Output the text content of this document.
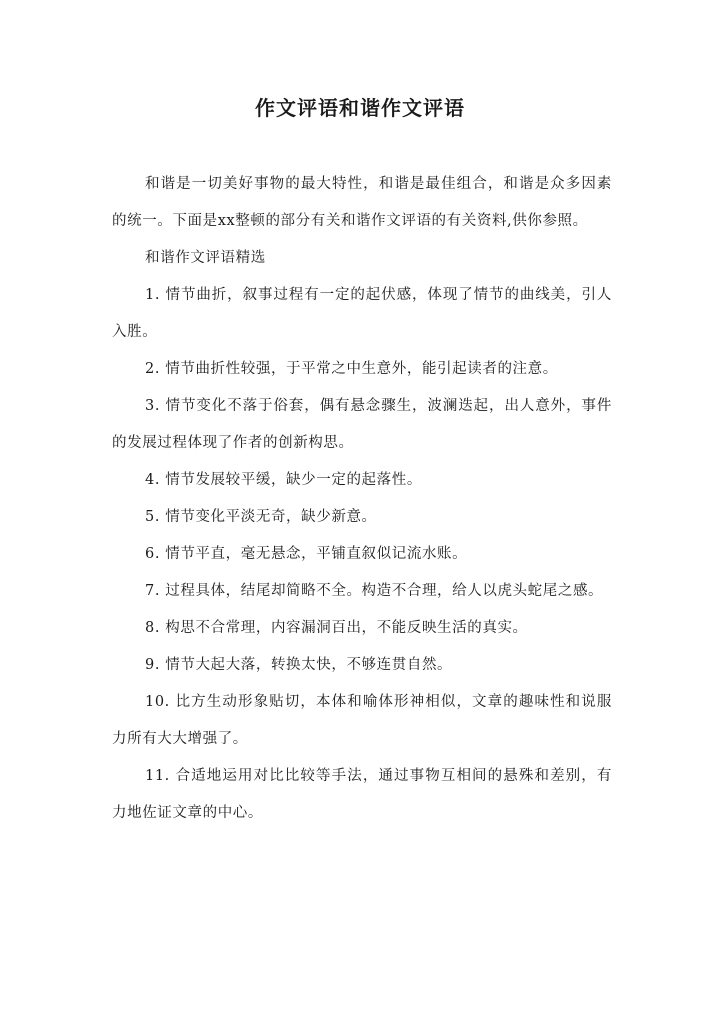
作文评语和谐作文评语

和谐是一切美好事物的最大特性，和谐是最佳组合，和谐是众多因素的统一。下面是xx整顿的部分有关和谐作文评语的有关资料,供你参照。

和谐作文评语精选

1. 情节曲折，叙事过程有一定的起伏感，体现了情节的曲线美，引人入胜。

2. 情节曲折性较强，于平常之中生意外，能引起读者的注意。

3. 情节变化不落于俗套，偶有悬念骤生，波澜迭起，出人意外，事件的发展过程体现了作者的创新构思。

4. 情节发展较平缓，缺少一定的起落性。

5. 情节变化平淡无奇，缺少新意。

6. 情节平直，毫无悬念，平铺直叙似记流水账。

7. 过程具体，结尾却简略不全。构造不合理，给人以虎头蛇尾之感。

8. 构思不合常理，内容漏洞百出，不能反映生活的真实。

9. 情节大起大落，转换太快，不够连贯自然。

10. 比方生动形象贴切，本体和喻体形神相似，文章的趣味性和说服力所有大大增强了。

11. 合适地运用对比比较等手法，通过事物互相间的悬殊和差别，有力地佐证文章的中心。
